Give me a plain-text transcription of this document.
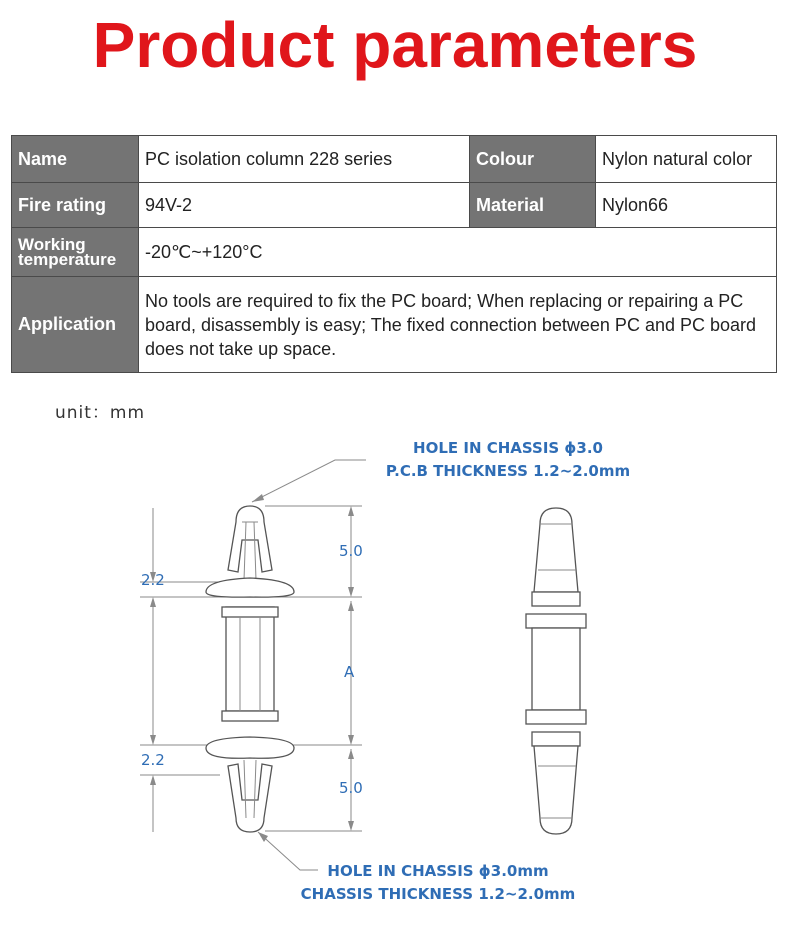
Product parameters
Name	PC isolation column 228 series	Colour	Nylon natural color
Fire rating	94V-2	Material	Nylon66
Working temperature	-20℃~+120°C		
Application	No tools are required to fix the PC board; When replacing or repairing a PC board, disassembly is easy; The fixed connection between PC and PC board does not take up space.		
unit：mm
HOLE IN CHASSIS ϕ3.0
P.C.B THICKNESS 1.2~2.0mm
HOLE IN CHASSIS ϕ3.0mm
CHASSIS THICKNESS 1.2~2.0mm
2.2
2.2
5.0
A
5.0
